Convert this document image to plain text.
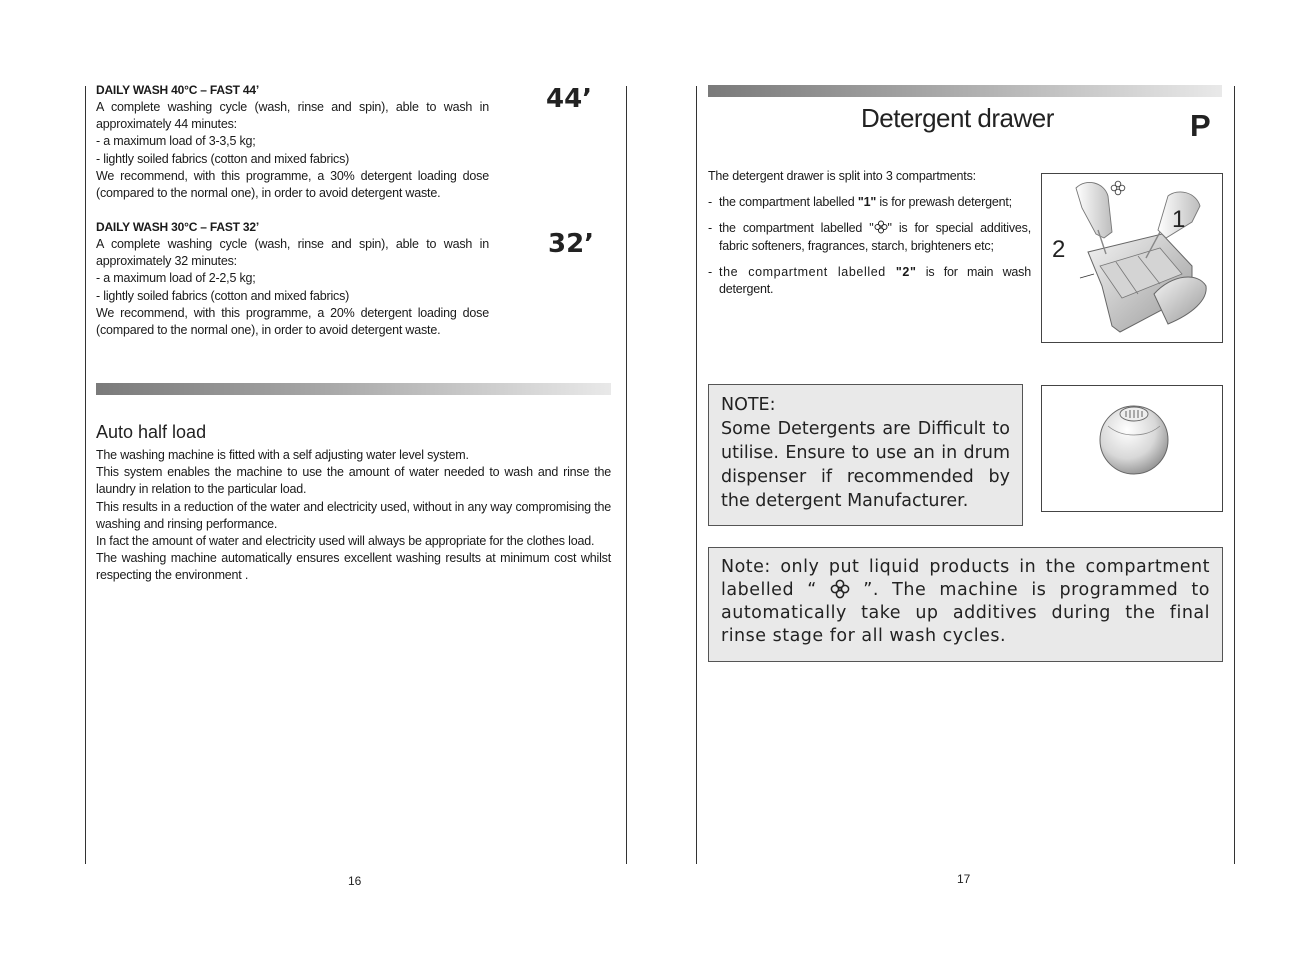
DAILY WASH 40°C – FAST 44’
A complete washing cycle (wash, rinse and spin), able to wash in approximately 44 minutes:
- a maximum load of 3-3,5 kg;
- lightly soiled fabrics (cotton and mixed fabrics)
We recommend, with this programme, a 30% detergent loading dose (compared to the normal one), in order to avoid detergent waste.
44’
DAILY WASH 30°C – FAST 32’
A complete washing cycle (wash, rinse and spin), able to wash in approximately 32 minutes:
- a maximum load of 2-2,5 kg;
- lightly soiled fabrics (cotton and mixed fabrics)
We recommend, with this programme, a 20% detergent loading dose (compared to the normal one), in order to avoid detergent waste.
32’
Auto half load
The washing machine is fitted with a self adjusting water level system.
This system enables the machine to use the amount of water needed to wash and rinse the laundry in relation to the particular load.
This results in a reduction of the water and electricity used, without in any way compromising the washing and rinsing performance.
In fact the amount of water and electricity used will always be appropriate for the clothes load.
The washing machine automatically ensures excellent washing results at minimum cost whilst respecting the environment .
16
Detergent drawer	P
The detergent drawer is split into 3 compartments:
- the compartment labelled "1" is for prewash detergent;
- the compartment labelled " " is for special additives, fabric softeners, fragrances, starch, brighteners etc;
- the compartment labelled "2" is for main wash detergent.
1
2
NOTE:
Some Detergents are Difficult to utilise. Ensure to use an in drum dispenser if recommended by the detergent Manufacturer.
Note: only put liquid products in the compartment labelled “  ”. The machine is programmed to automatically take up additives during the final rinse stage for all wash cycles.
17
